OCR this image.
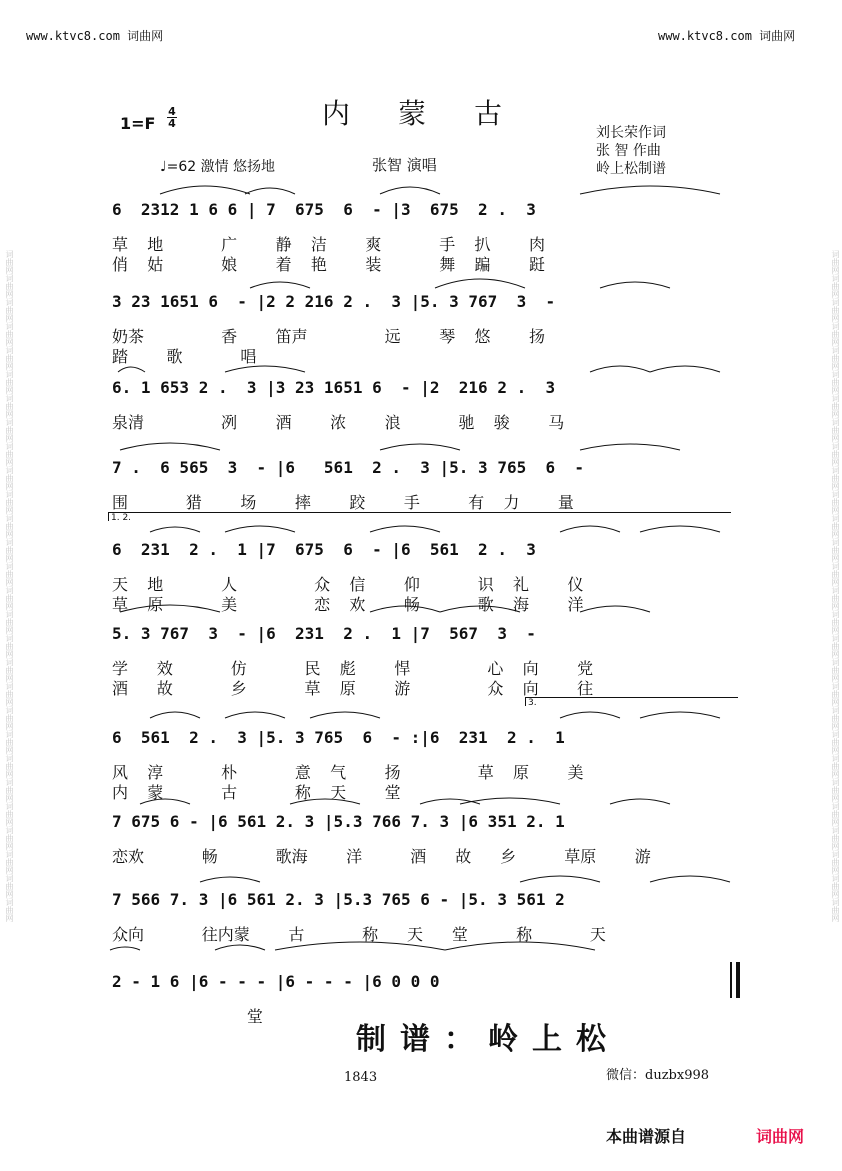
词曲网词曲网词曲网词曲网词曲网词曲网词曲网词曲网词曲网词曲网词曲网词曲网词曲网词曲网词曲网词曲网词曲网词曲网词曲网词曲网词曲网词曲网词曲网词曲网词曲网词曲网词曲网词曲网	词曲网词曲网词曲网词曲网词曲网词曲网词曲网词曲网词曲网词曲网词曲网词曲网词曲网词曲网词曲网词曲网词曲网词曲网词曲网词曲网词曲网词曲网词曲网词曲网词曲网词曲网词曲网词曲网
www.ktvc8.com 词曲网	www.ktvc8.com 词曲网
$1=F \frac{4}{4}$	内蒙古
刘长荣作词
张 智 作曲
岭上松制谱
♩=62 激情 悠扬地	张智 演唱
6  2312 1 6 6 | 7  675  6  - |3  675  2 .  3
草  地      广    静  洁    爽      手  扒    肉
俏  姑      娘    着  艳    装      舞  蹁    跹
3 23 1651 6  - |2 2 216 2 .  3 |5. 3 767  3  -
奶茶        香    笛声        远    琴  悠    扬
踏    歌      唱
6. 1 653 2 .  3 |3 23 1651 6  - |2  216 2 .  3
泉清        冽    酒    浓    浪      驰  骏    马
7 .  6 565  3  - |6   561  2 .  3 |5. 3 765  6  -
围      猎    场    摔    跤    手     有  力    量
6  231  2 .  1 |7  675  6  - |6  561  2 .  3
天  地      人        众  信    仰      识  礼    仪
草  原      美        恋  欢    畅      歌  海    洋
5. 3 767  3  - |6  231  2 .  1 |7  567  3  -
学   效      仿      民  彪    悍        心  向    党
酒   故      乡      草  原    游        众  向    往
6  561  2 .  3 |5. 3 765  6  - :|6  231  2 .  1
风  淳      朴      意  气    扬        草  原    美
内  蒙      古      称  天    堂
7 675 6 - |6 561 2. 3 |5.3 766 7. 3 |6 351 2. 1
恋欢      畅      歌海    洋     酒   故   乡     草原    游
7 566 7. 3 |6 561 2. 3 |5.3 765 6 - |5. 3 561 2
众向      往内蒙    古      称   天   堂     称      天
2 - 1 6 |6 - - - |6 - - - |6 0 0 0
堂
1. 2.
3.
制谱：岭上松
1843	微信：duzbx998
本曲谱源自	词曲网
